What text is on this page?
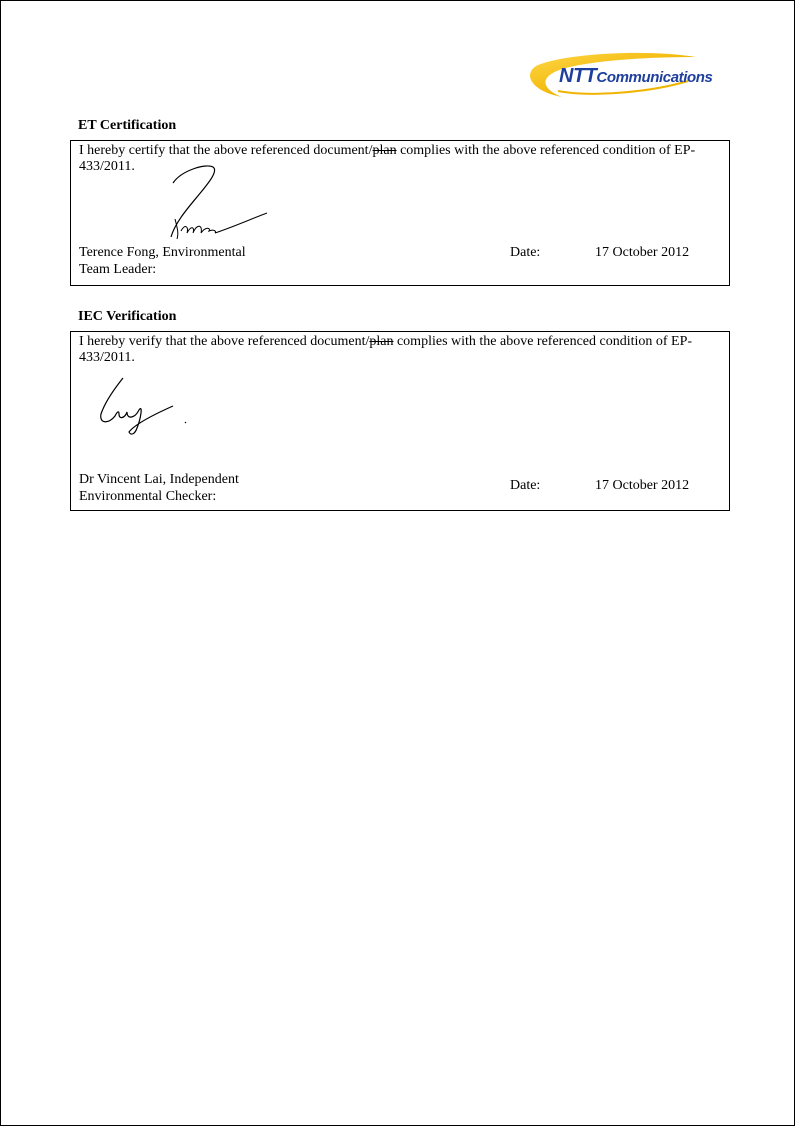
NTTCommunications
ET Certification
I hereby certify that the above referenced document/plan complies with the above referenced condition of EP-433/2011.
Terence Fong, Environmental
Team Leader:
Date:	17 October 2012
IEC Verification
I hereby verify that the above referenced document/plan complies with the above referenced condition of EP-433/2011.
Dr Vincent Lai, Independent
Environmental Checker:
Date:	17 October 2012
